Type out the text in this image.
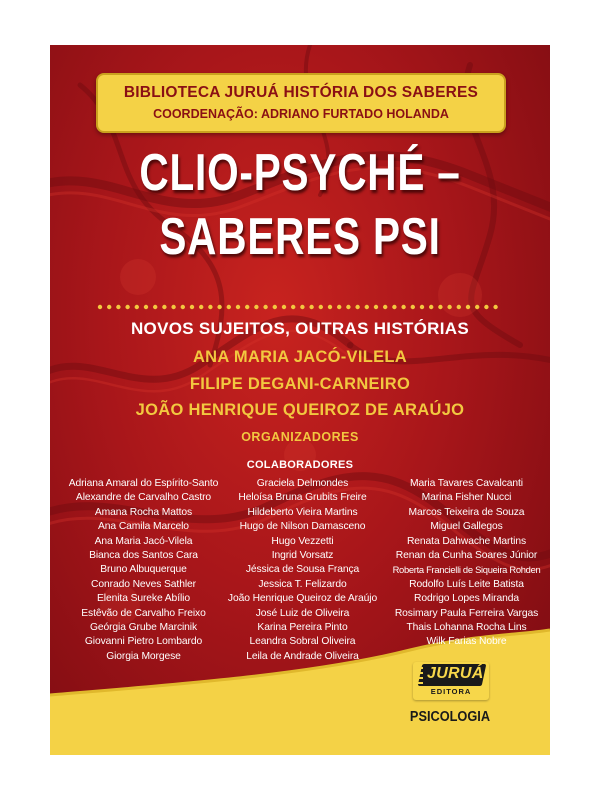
BIBLIOTECA JURUÁ HISTÓRIA DOS SABERES
COORDENAÇÃO: ADRIANO FURTADO HOLANDA
CLIO-PSYCHÉ –
SABERES PSI
NOVOS SUJEITOS, OUTRAS HISTÓRIAS
ANA MARIA JACÓ-VILELA
FILIPE DEGANI-CARNEIRO
JOÃO HENRIQUE QUEIROZ DE ARAÚJO
ORGANIZADORES
COLABORADORES
Adriana Amaral do Espírito-Santo
Alexandre de Carvalho Castro
Amana Rocha Mattos
Ana Camila Marcelo
Ana Maria Jacó-Vilela
Bianca dos Santos Cara
Bruno Albuquerque
Conrado Neves Sathler
Elenita Sureke Abílio
Estêvão de Carvalho Freixo
Geórgia Grube Marcinik
Giovanni Pietro Lombardo
Giorgia Morgese
Graciela Delmondes
Heloísa Bruna Grubits Freire
Hildeberto Vieira Martins
Hugo de Nilson Damasceno
Hugo Vezzetti
Ingrid Vorsatz
Jéssica de Sousa França
Jessica T. Felizardo
João Henrique Queiroz de Araújo
José Luiz de Oliveira
Karina Pereira Pinto
Leandra Sobral Oliveira
Leila de Andrade Oliveira
Maria Tavares Cavalcanti
Marina Fisher Nucci
Marcos Teixeira de Souza
Miguel Gallegos
Renata Dahwache Martins
Renan da Cunha Soares Júnior
Roberta Francielli de Siqueira Rohden
Rodolfo Luís Leite Batista
Rodrigo Lopes Miranda
Rosimary Paula Ferreira Vargas
Thais Lohanna Rocha Lins
Wilk Farias Nobre
JURUÁ
EDITORA
PSICOLOGIA
